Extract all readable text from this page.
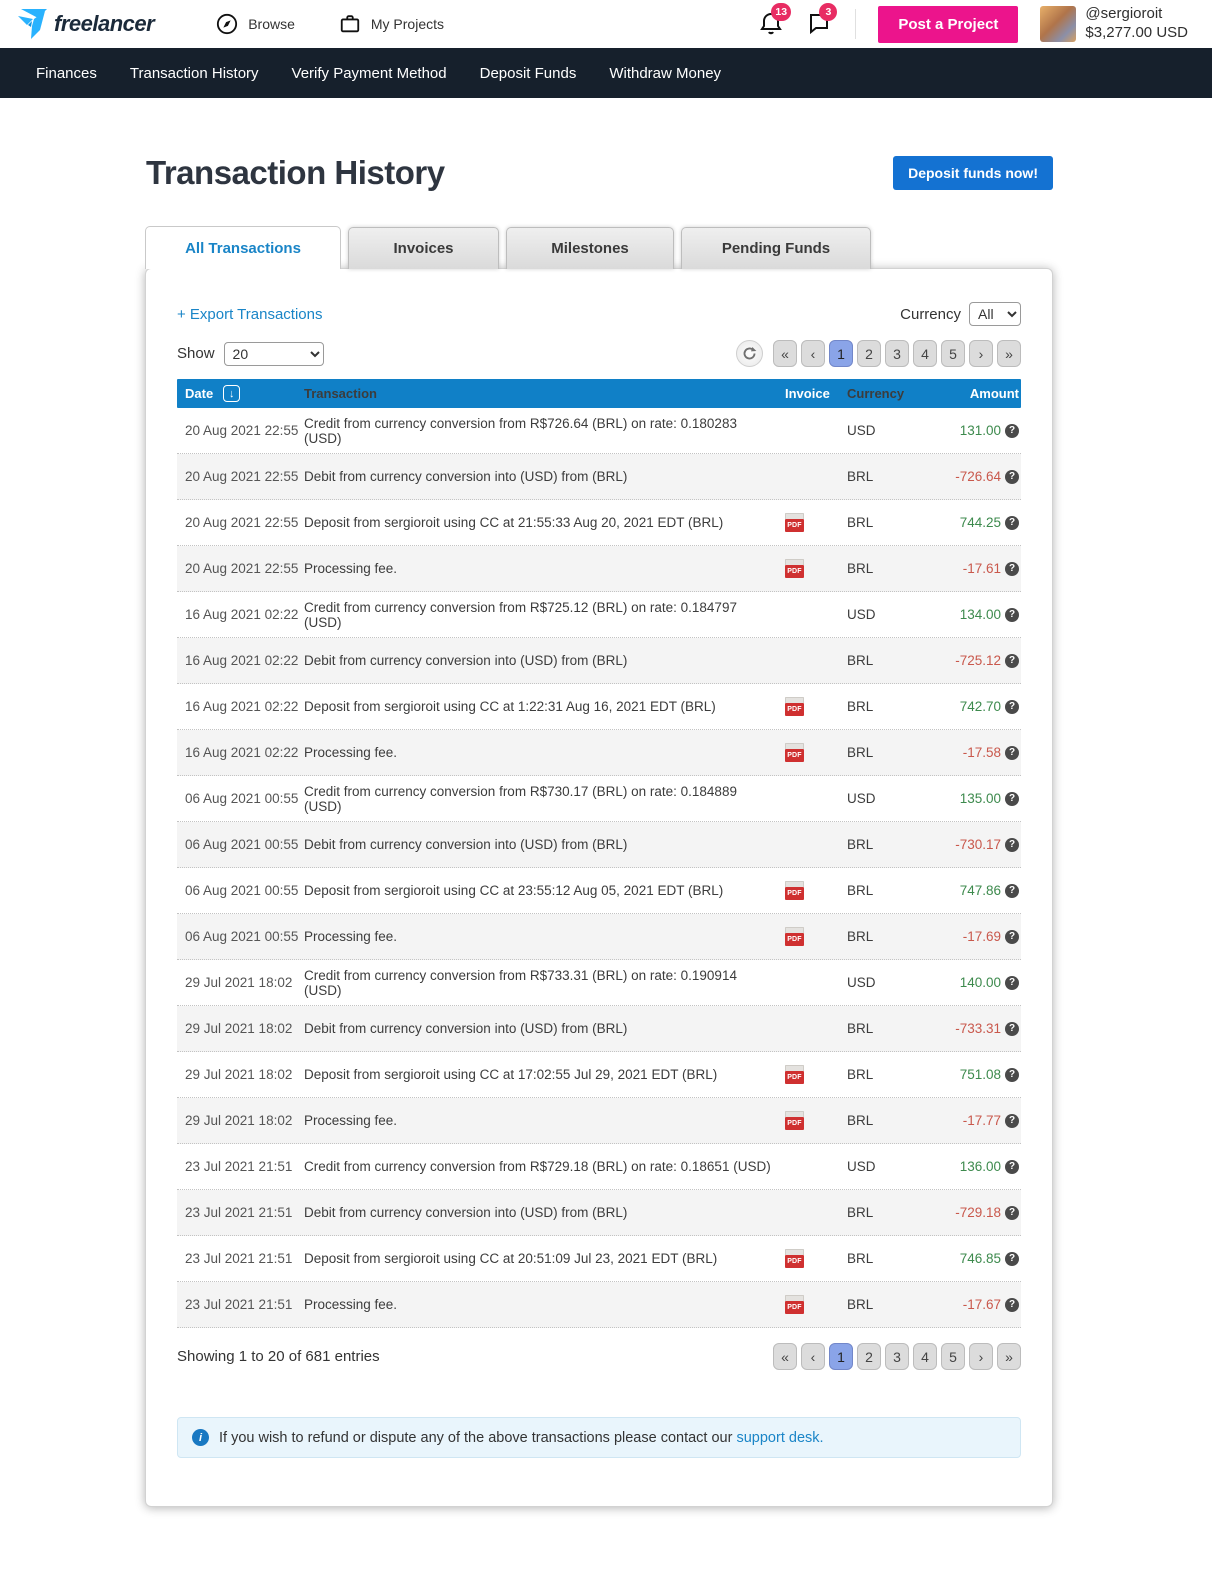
freelancer	Browse	My Projects
13	3
Post a Project
@sergioroit
$3,277.00 USD
Finances Transaction History Verify Payment Method Deposit Funds Withdraw Money
Transaction History	Deposit funds now!
All Transactions	Invoices	Milestones	Pending Funds
+ Export Transactions	Currency
All
Show
20	«	‹	1	2	3	4	5	›	»
Date	↓	Transaction	Invoice	Currency	Amount
20 Aug 2021 22:55 Credit from currency conversion from R$726.64 (BRL) on rate: 0.180283 (USD)	USD	131.00 ?
20 Aug 2021 22:55 Debit from currency conversion into (USD) from (BRL)	BRL	-726.64 ?
20 Aug 2021 22:55 Deposit from sergioroit using CC at 21:55:33 Aug 20, 2021 EDT (BRL)	PDF	BRL	744.25 ?
20 Aug 2021 22:55 Processing fee.	PDF	BRL	-17.61 ?
16 Aug 2021 02:22 Credit from currency conversion from R$725.12 (BRL) on rate: 0.184797 (USD)	USD	134.00 ?
16 Aug 2021 02:22 Debit from currency conversion into (USD) from (BRL)	BRL	-725.12 ?
16 Aug 2021 02:22 Deposit from sergioroit using CC at 1:22:31 Aug 16, 2021 EDT (BRL)	PDF	BRL	742.70 ?
16 Aug 2021 02:22 Processing fee.	PDF	BRL	-17.58 ?
06 Aug 2021 00:55 Credit from currency conversion from R$730.17 (BRL) on rate: 0.184889 (USD)	USD	135.00 ?
06 Aug 2021 00:55 Debit from currency conversion into (USD) from (BRL)	BRL	-730.17 ?
06 Aug 2021 00:55 Deposit from sergioroit using CC at 23:55:12 Aug 05, 2021 EDT (BRL)	PDF	BRL	747.86 ?
06 Aug 2021 00:55 Processing fee.	PDF	BRL	-17.69 ?
29 Jul 2021 18:02 Credit from currency conversion from R$733.31 (BRL) on rate: 0.190914 (USD)	USD	140.00 ?
29 Jul 2021 18:02 Debit from currency conversion into (USD) from (BRL)	BRL	-733.31 ?
29 Jul 2021 18:02 Deposit from sergioroit using CC at 17:02:55 Jul 29, 2021 EDT (BRL)	PDF	BRL	751.08 ?
29 Jul 2021 18:02 Processing fee.	PDF	BRL	-17.77 ?
23 Jul 2021 21:51 Credit from currency conversion from R$729.18 (BRL) on rate: 0.18651 (USD)	USD	136.00 ?
23 Jul 2021 21:51 Debit from currency conversion into (USD) from (BRL)	BRL	-729.18 ?
23 Jul 2021 21:51 Deposit from sergioroit using CC at 20:51:09 Jul 23, 2021 EDT (BRL)	PDF	BRL	746.85 ?
23 Jul 2021 21:51 Processing fee.	PDF	BRL	-17.67 ?
Showing 1 to 20 of 681 entries	«	‹	1	2	3	4	5	›	»
i	If you wish to refund or dispute any of the above transactions please contact our support desk.
